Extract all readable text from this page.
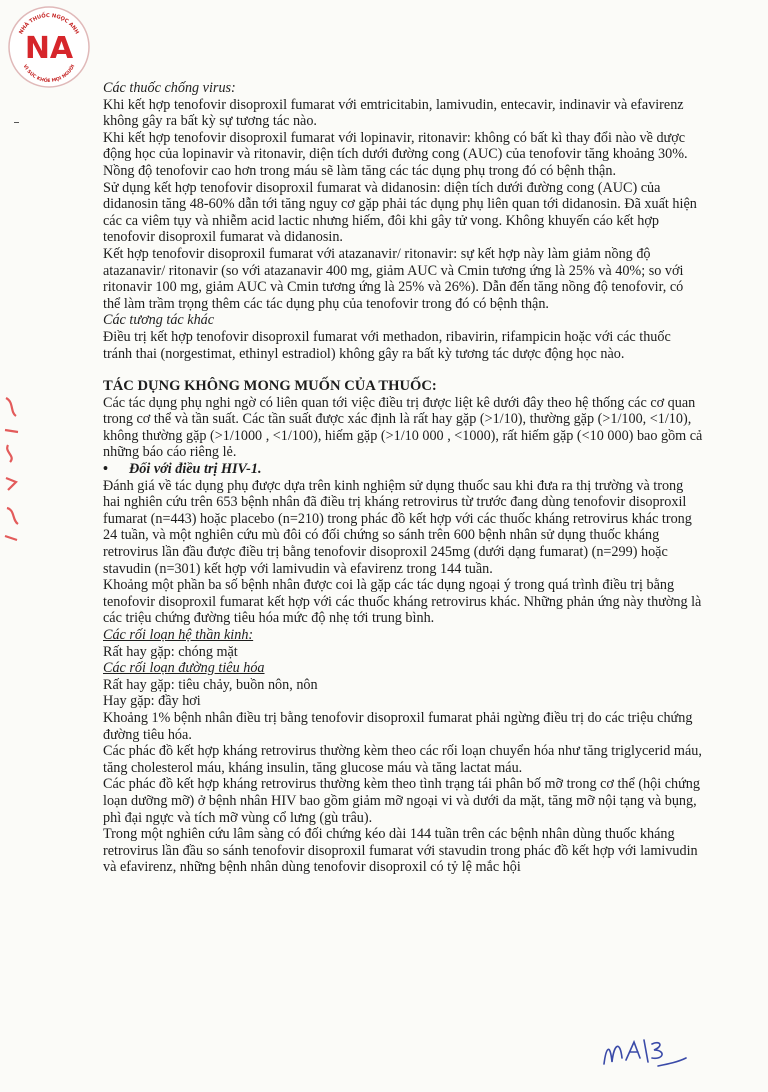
NHÀ THUỐC NGỌC ANH
NA
VÌ SỨC KHỎE MỌI NGƯỜI

Các thuốc chống virus:

Khi kết hợp tenofovir disoproxil fumarat với emtricitabin, lamivudin, entecavir, indinavir và efavirenz không gây ra bất kỳ sự tương tác nào.

Khi kết hợp tenofovir disoproxil fumarat với lopinavir, ritonavir: không có bất kì thay đổi nào về dược động học của lopinavir và ritonavir, diện tích dưới đường cong (AUC) của tenofovir tăng khoảng 30%. Nồng độ tenofovir cao hơn trong máu sẽ làm tăng các tác dụng phụ trong đó có bệnh thận.

Sử dụng kết hợp tenofovir disoproxil fumarat và didanosin: diện tích dưới đường cong (AUC) của didanosin tăng 48-60% dẫn tới tăng nguy cơ gặp phải tác dụng phụ liên quan tới didanosin. Đã xuất hiện các ca viêm tụy và nhiễm acid lactic nhưng hiếm, đôi khi gây tử vong. Không khuyến cáo kết hợp tenofovir disoproxil fumarat và didanosin.

Kết hợp tenofovir disoproxil fumarat với atazanavir/ ritonavir: sự kết hợp này làm giảm nồng độ atazanavir/ ritonavir (so với atazanavir 400 mg, giảm AUC và Cmin tương ứng là 25% và 40%; so với ritonavir 100 mg, giảm AUC và Cmin tương ứng là 25% và 26%). Dẫn đến tăng nồng độ tenofovir, có thể làm trầm trọng thêm các tác dụng phụ của tenofovir trong đó có bệnh thận.

Các tương tác khác

Điều trị kết hợp tenofovir disoproxil fumarat với methadon, ribavirin, rifampicin hoặc với các thuốc tránh thai (norgestimat, ethinyl estradiol) không gây ra bất kỳ tương tác dược động học nào.

TÁC DỤNG KHÔNG MONG MUỐN CỦA THUỐC:

Các tác dụng phụ nghi ngờ có liên quan tới việc điều trị được liệt kê dưới đây theo hệ thống các cơ quan trong cơ thể và tần suất. Các tần suất được xác định là rất hay gặp (>1/10), thường gặp (>1/100, <1/10), không thường gặp (>1/1000 , <1/100), hiếm gặp (>1/10 000 , <1000), rất hiếm gặp (<10 000) bao gồm cả những báo cáo riêng lẻ.

• Đối với điều trị HIV-1.

Đánh giá về tác dụng phụ được dựa trên kinh nghiệm sử dụng thuốc sau khi đưa ra thị trường và trong hai nghiên cứu trên 653 bệnh nhân đã điều trị kháng retrovirus từ trước đang dùng tenofovir disoproxil fumarat (n=443) hoặc placebo (n=210) trong phác đồ kết hợp với các thuốc kháng retrovirus khác trong 24 tuần, và một nghiên cứu mù đôi có đối chứng so sánh trên 600 bệnh nhân sử dụng thuốc kháng retrovirus lần đầu được điều trị bằng tenofovir disoproxil 245mg (dưới dạng fumarat) (n=299) hoặc stavudin (n=301) kết hợp với lamivudin và efavirenz trong 144 tuần.

Khoảng một phần ba số bệnh nhân được coi là gặp các tác dụng ngoại ý trong quá trình điều trị bằng tenofovir disoproxil fumarat kết hợp với các thuốc kháng retrovirus khác. Những phản ứng này thường là các triệu chứng đường tiêu hóa mức độ nhẹ tới trung bình.

Các rối loạn hệ thần kinh:

Rất hay gặp: chóng mặt

Các rối loạn đường tiêu hóa

Rất hay gặp: tiêu chảy, buồn nôn, nôn

Hay gặp: đầy hơi

Khoảng 1% bệnh nhân điều trị bằng tenofovir disoproxil fumarat phải ngừng điều trị do các triệu chứng đường tiêu hóa.

Các phác đồ kết hợp kháng retrovirus thường kèm theo các rối loạn chuyển hóa như tăng triglycerid máu, tăng cholesterol máu, kháng insulin, tăng glucose máu và tăng lactat máu.

Các phác đồ kết hợp kháng retrovirus thường kèm theo tình trạng tái phân bố mỡ trong cơ thể (hội chứng loạn dưỡng mỡ) ở bệnh nhân HIV bao gồm giảm mỡ ngoại vi và dưới da mặt, tăng mỡ nội tạng và bụng, phì đại ngực và tích mỡ vùng cổ lưng (gù trâu).

Trong một nghiên cứu lâm sàng có đối chứng kéo dài 144 tuần trên các bệnh nhân dùng thuốc kháng retrovirus lần đầu so sánh tenofovir disoproxil fumarat với stavudin trong phác đồ kết hợp với lamivudin và efavirenz, những bệnh nhân dùng tenofovir disoproxil có tỷ lệ mắc hội
